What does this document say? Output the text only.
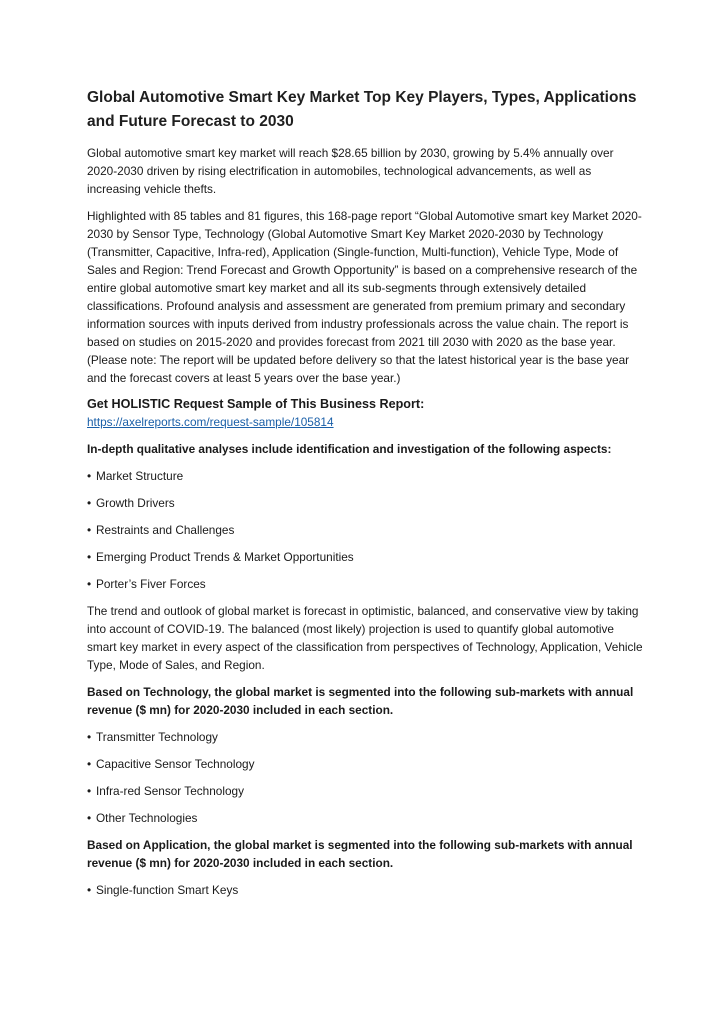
Global Automotive Smart Key Market Top Key Players, Types, Applications and Future Forecast to 2030

Global automotive smart key market will reach $28.65 billion by 2030, growing by 5.4% annually over 2020-2030 driven by rising electrification in automobiles, technological advancements, as well as increasing vehicle thefts.

Highlighted with 85 tables and 81 figures, this 168-page report “Global Automotive smart key Market 2020-2030 by Sensor Type, Technology (Global Automotive Smart Key Market 2020-2030 by Technology (Transmitter, Capacitive, Infra-red), Application (Single-function, Multi-function), Vehicle Type, Mode of Sales and Region: Trend Forecast and Growth Opportunity” is based on a comprehensive research of the entire global automotive smart key market and all its sub-segments through extensively detailed classifications. Profound analysis and assessment are generated from premium primary and secondary information sources with inputs derived from industry professionals across the value chain. The report is based on studies on 2015-2020 and provides forecast from 2021 till 2030 with 2020 as the base year. (Please note: The report will be updated before delivery so that the latest historical year is the base year and the forecast covers at least 5 years over the base year.)

Get HOLISTIC Request Sample of This Business Report:
https://axelreports.com/request-sample/105814

In-depth qualitative analyses include identification and investigation of the following aspects:

• Market Structure
• Growth Drivers
• Restraints and Challenges
• Emerging Product Trends & Market Opportunities
• Porter’s Fiver Forces

The trend and outlook of global market is forecast in optimistic, balanced, and conservative view by taking into account of COVID-19. The balanced (most likely) projection is used to quantify global automotive smart key market in every aspect of the classification from perspectives of Technology, Application, Vehicle Type, Mode of Sales, and Region.

Based on Technology, the global market is segmented into the following sub-markets with annual revenue ($ mn) for 2020-2030 included in each section.

• Transmitter Technology
• Capacitive Sensor Technology
• Infra-red Sensor Technology
• Other Technologies

Based on Application, the global market is segmented into the following sub-markets with annual revenue ($ mn) for 2020-2030 included in each section.

• Single-function Smart Keys
